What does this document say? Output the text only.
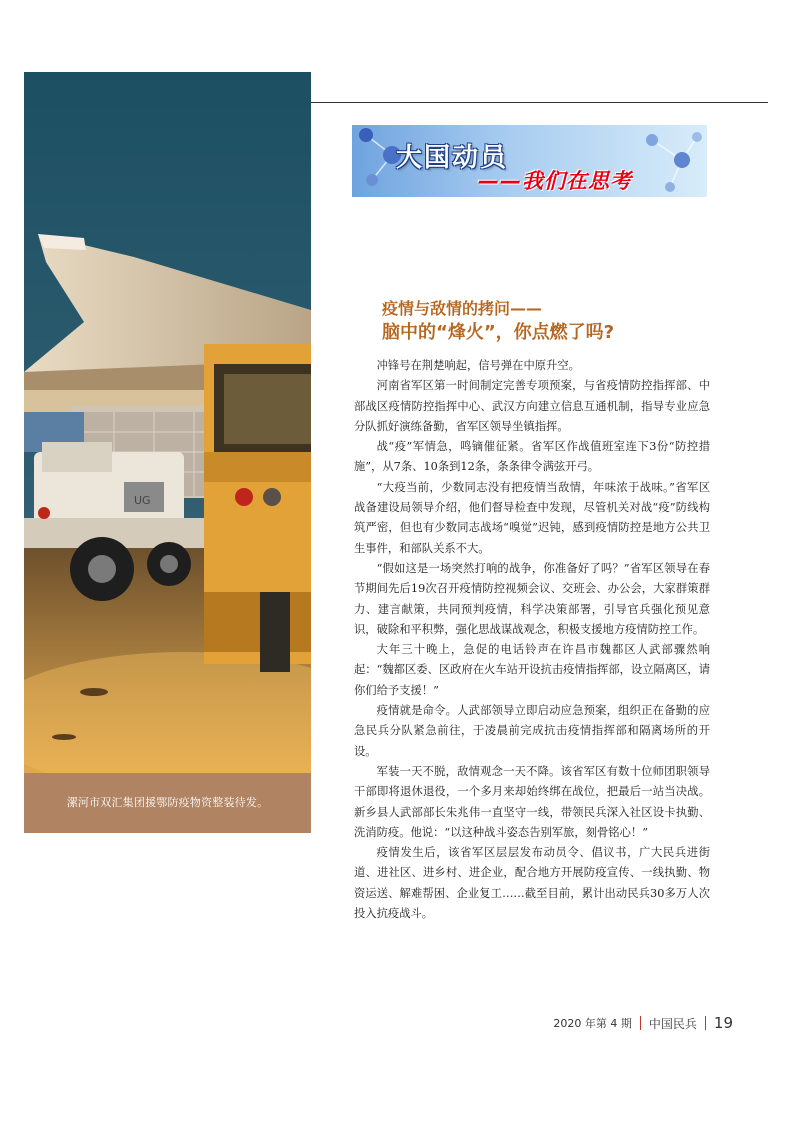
UG
漯河市双汇集团援鄂防疫物资整装待发。
大国动员
——我们在思考
疫情与敌情的拷问——
脑中的“烽火”，你点燃了吗?

冲锋号在荆楚响起，信号弹在中原升空。

河南省军区第一时间制定完善专项预案，与省疫情防控指挥部、中部战区疫情防控指挥中心、武汉方向建立信息互通机制，指导专业应急分队抓好演练备勤，省军区领导坐镇指挥。

战“疫”军情急，鸣镝催征紧。省军区作战值班室连下3份“防控措施”，从7条、10条到12条，条条律令满弦开弓。

“大疫当前，少数同志没有把疫情当敌情，年味浓于战味。”省军区战备建设局领导介绍，他们督导检查中发现，尽管机关对战“疫”防线构筑严密，但也有少数同志战场“嗅觉”迟钝，感到疫情防控是地方公共卫生事件，和部队关系不大。

“假如这是一场突然打响的战争，你准备好了吗？”省军区领导在春节期间先后19次召开疫情防控视频会议、交班会、办公会，大家群策群力、建言献策，共同预判疫情，科学决策部署，引导官兵强化预见意识，破除和平积弊，强化思战谋战观念，积极支援地方疫情防控工作。

大年三十晚上，急促的电话铃声在许昌市魏都区人武部骤然响起：“魏都区委、区政府在火车站开设抗击疫情指挥部，设立隔离区，请你们给予支援！”

疫情就是命令。人武部领导立即启动应急预案，组织正在备勤的应急民兵分队紧急前往，于凌晨前完成抗击疫情指挥部和隔离场所的开设。

军装一天不脱，敌情观念一天不降。该省军区有数十位师团职领导干部即将退休退役，一个多月来却始终绑在战位，把最后一站当决战。新乡县人武部部长朱兆伟一直坚守一线，带领民兵深入社区设卡执勤、洗消防疫。他说：“以这种战斗姿态告别军旅，刻骨铭心！”

疫情发生后，该省军区层层发布动员令、倡议书，广大民兵进街道、进社区、进乡村、进企业，配合地方开展防疫宣传、一线执勤、物资运送、解难帮困、企业复工……截至目前，累计出动民兵30多万人次投入抗疫战斗。

2020 年第 4 期 中国民兵 19
